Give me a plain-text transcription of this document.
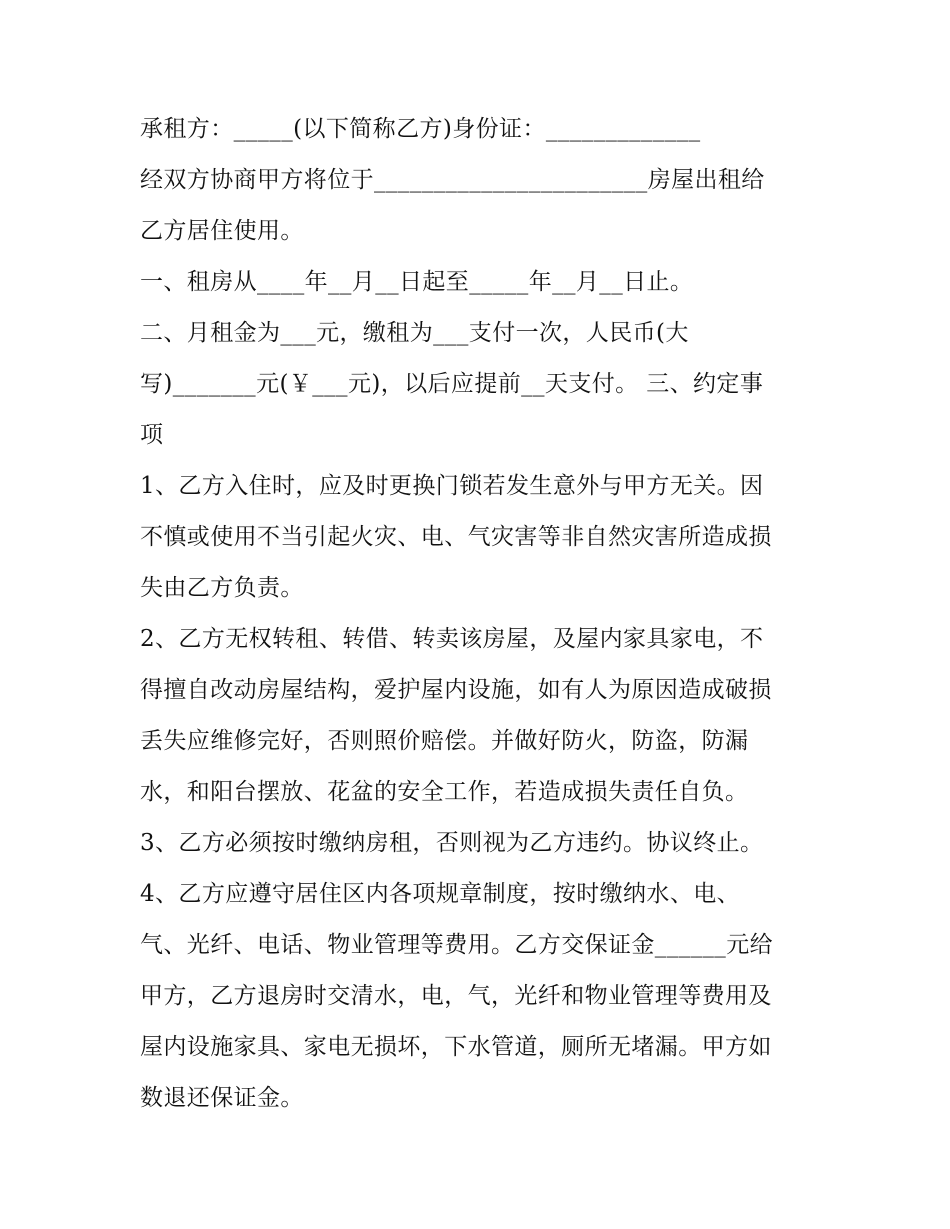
承租方：_____(以下简称乙方)身份证：_____________
经双方协商甲方将位于_______________________房屋出租给
乙方居住使用。
一、租房从____年__月__日起至_____年__月__日止。
二、月租金为___元，缴租为___支付一次，人民币(大
写)_______元(￥___元)，以后应提前__天支付。 三、约定事
项
1、乙方入住时，应及时更换门锁若发生意外与甲方无关。因
不慎或使用不当引起火灾、电、气灾害等非自然灾害所造成损
失由乙方负责。
2、乙方无权转租、转借、转卖该房屋，及屋内家具家电，不
得擅自改动房屋结构，爱护屋内设施，如有人为原因造成破损
丢失应维修完好，否则照价赔偿。并做好防火，防盗，防漏
水，和阳台摆放、花盆的安全工作，若造成损失责任自负。
3、乙方必须按时缴纳房租，否则视为乙方违约。协议终止。
4、乙方应遵守居住区内各项规章制度，按时缴纳水、电、
气、光纤、电话、物业管理等费用。乙方交保证金______元给
甲方，乙方退房时交清水，电，气，光纤和物业管理等费用及
屋内设施家具、家电无损坏，下水管道，厕所无堵漏。甲方如
数退还保证金。
